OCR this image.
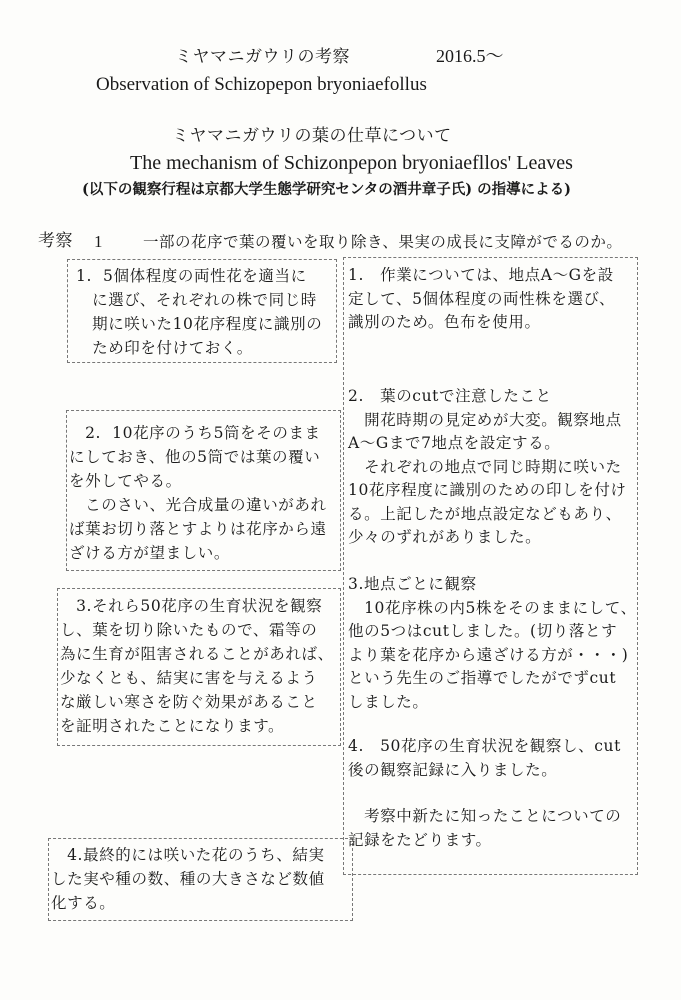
ミヤマニガウリの考察	2016.5〜
Observation of Schizopepon bryoniaefollus
ミヤマニガウリの葉の仕草について
The mechanism of Schizonpepon bryoniaefllos' Leaves
(以下の観察行程は京都大学生態学研究センタの酒井章子氏) の指導による)
考察 1	一部の花序で葉の覆いを取り除き、果実の成長に支障がでるのか。
1.  5個体程度の両性花を適当に
　に選び、それぞれの株で同じ時
　期に咲いた10花序程度に識別の
　ため印を付けておく。
　2.  10花序のうち5筒をそのまま
にしておき、他の5筒では葉の覆い
を外してやる。
　このさい、光合成量の違いがあれ
ば葉お切り落とすよりは花序から遠
ざける方が望ましい。
　3.それら50花序の生育状況を観察
し、葉を切り除いたもので、霜等の
為に生育が阻害されることがあれば、
少なくとも、結実に害を与えるよう
な厳しい寒さを防ぐ効果があること
を証明されたことになります。
　4.最終的には咲いた花のうち、結実
した実や種の数、種の大きさなど数値
化する。
1.　作業については、地点A〜Gを設
定して、5個体程度の両性株を選び、
識別のため。色布を使用。
2.　葉のcutで注意したこと
　開花時期の見定めが大変。観察地点
A〜Gまで7地点を設定する。
　それぞれの地点で同じ時期に咲いた
10花序程度に識別のための印しを付け
る。上記したが地点設定などもあり、
少々のずれがありました。
3.地点ごとに観察
　10花序株の内5株をそのままにして、
他の5つはcutしました。(切り落とす
より葉を花序から遠ざける方が・・・)
という先生のご指導でしたがでずcut
しました。
4.　50花序の生育状況を観察し、cut
後の観察記録に入りました。
　考察中新たに知ったことについての
記録をたどります。
